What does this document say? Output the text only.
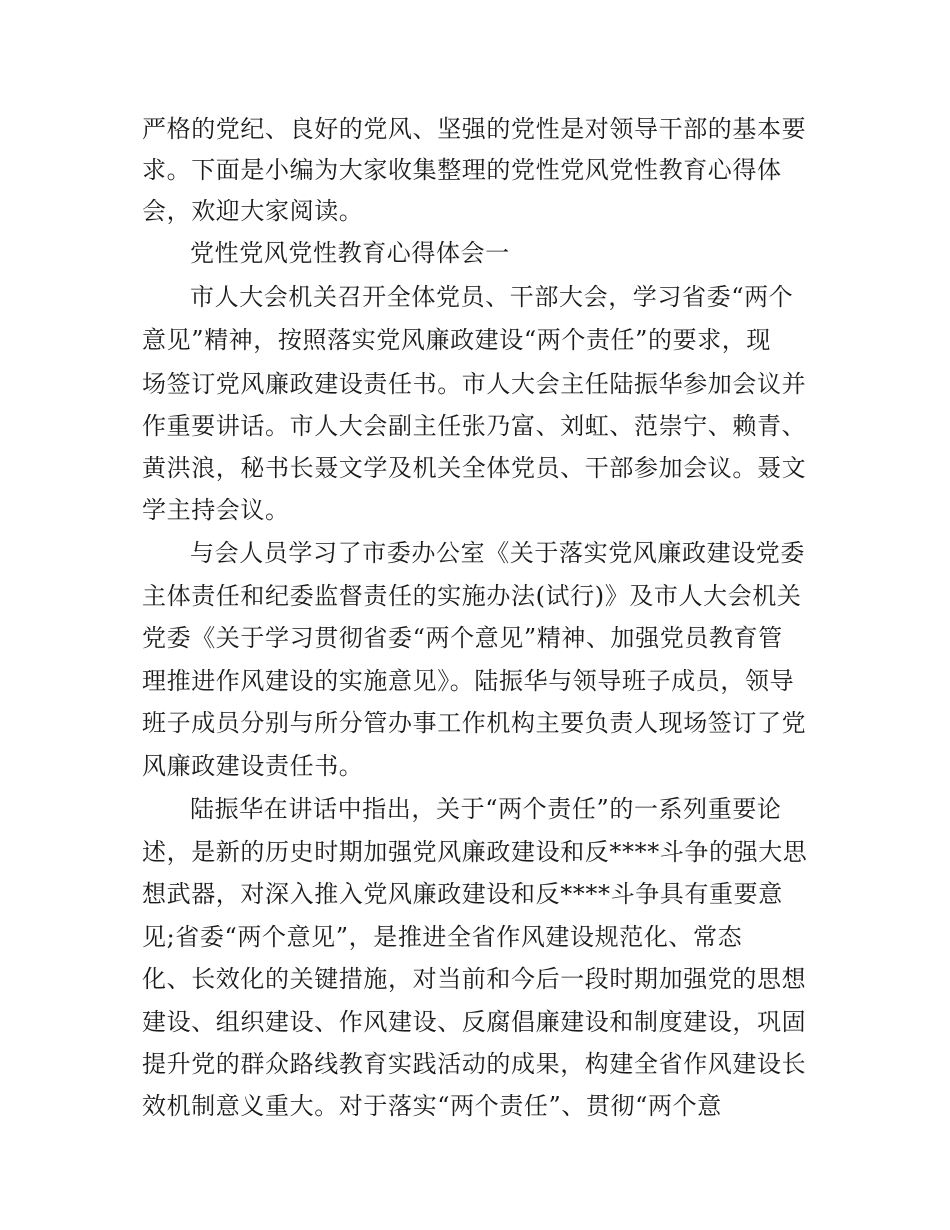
严格的党纪、良好的党风、坚强的党性是对领导干部的基本要
求。下面是小编为大家收集整理的党性党风党性教育心得体
会，欢迎大家阅读。
党性党风党性教育心得体会一
市人大会机关召开全体党员、干部大会，学习省委“两个
意见”精神，按照落实党风廉政建设“两个责任”的要求，现
场签订党风廉政建设责任书。市人大会主任陆振华参加会议并
作重要讲话。市人大会副主任张乃富、刘虹、范崇宁、赖青、
黄洪浪，秘书长聂文学及机关全体党员、干部参加会议。聂文
学主持会议。
与会人员学习了市委办公室《关于落实党风廉政建设党委
主体责任和纪委监督责任的实施办法(试行)》及市人大会机关
党委《关于学习贯彻省委“两个意见”精神、加强党员教育管
理推进作风建设的实施意见》。陆振华与领导班子成员，领导
班子成员分别与所分管办事工作机构主要负责人现场签订了党
风廉政建设责任书。
陆振华在讲话中指出，关于“两个责任”的一系列重要论
述，是新的历史时期加强党风廉政建设和反****斗争的强大思
想武器，对深入推入党风廉政建设和反****斗争具有重要意
见;省委“两个意见”，是推进全省作风建设规范化、常态
化、长效化的关键措施，对当前和今后一段时期加强党的思想
建设、组织建设、作风建设、反腐倡廉建设和制度建设，巩固
提升党的群众路线教育实践活动的成果，构建全省作风建设长
效机制意义重大。对于落实“两个责任”、贯彻“两个意
